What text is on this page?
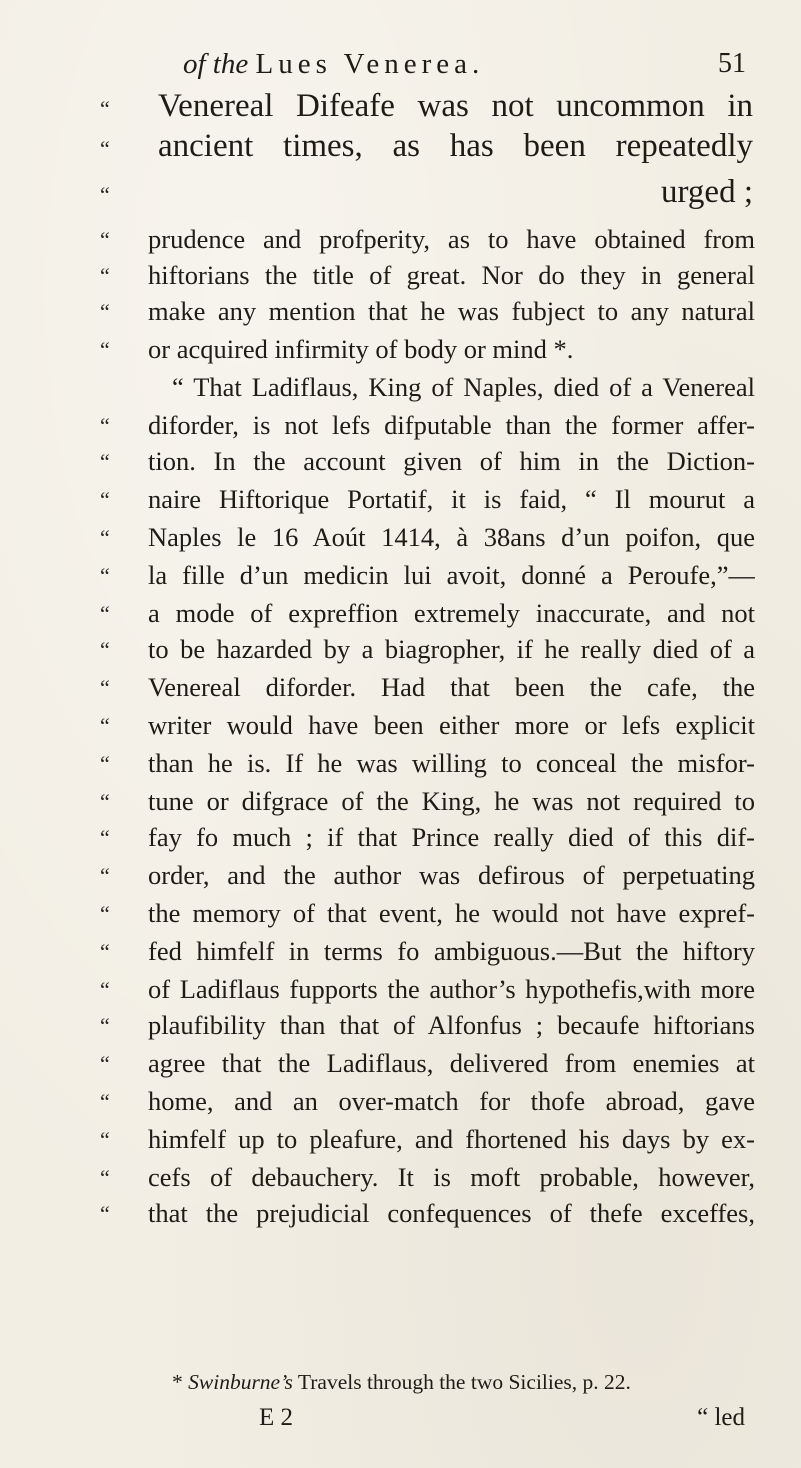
of the Lues Venereа.	51
“ Venereal Difeafe was not uncommon in
“ ancient times, as has been repeatedly
“	urged ;
“ prudence and profperity, as to have obtained from
“ hiftorians the title of great. Nor do they in general
“ make any mention that he was fubject to any natural
“ or acquired infirmity of body or mind *.
“ That Ladiflaus, King of Naples, died of a Venereal
“ diforder, is not lefs difputable than the former affer-
“ tion. In the account given of him in the Diction-
“ naire Hiftorique Portatif, it is faid, “ Il mourut a
“ Naples le 16 Aoút 1414, à 38ans d’un poifon, que
“ la fille d’un medicin lui avoit, donné a Peroufe,”—
“ a mode of expreffion extremely inaccurate, and not
“ to be hazarded by a biagropher, if he really died of a
“ Venereal diforder. Had that been the cafe, the
“ writer would have been either more or lefs explicit
“ than he is. If he was willing to conceal the misfor-
“ tune or difgrace of the King, he was not required to
“ fay fo much ; if that Prince really died of this dif-
“ order, and the author was defirous of perpetuating
“ the memory of that event, he would not have expref-
“ fed himfelf in terms fo ambiguous.—But the hiftory
“ of Ladiflaus fupports the author’s hypothefis,with more
“ plaufibility than that of Alfonfus ; becaufe hiftorians
“ agree that the Ladiflaus, delivered from enemies at
“ home, and an over-match for thofe abroad, gave
“ himfelf up to pleafure, and fhortened his days by ex-
“ cefs of debauchery. It is moft probable, however,
“ that the prejudicial confequences of thefe exceffes,
* Swinburne’s Travels through the two Sicilies, p. 22.
E 2	“ led
